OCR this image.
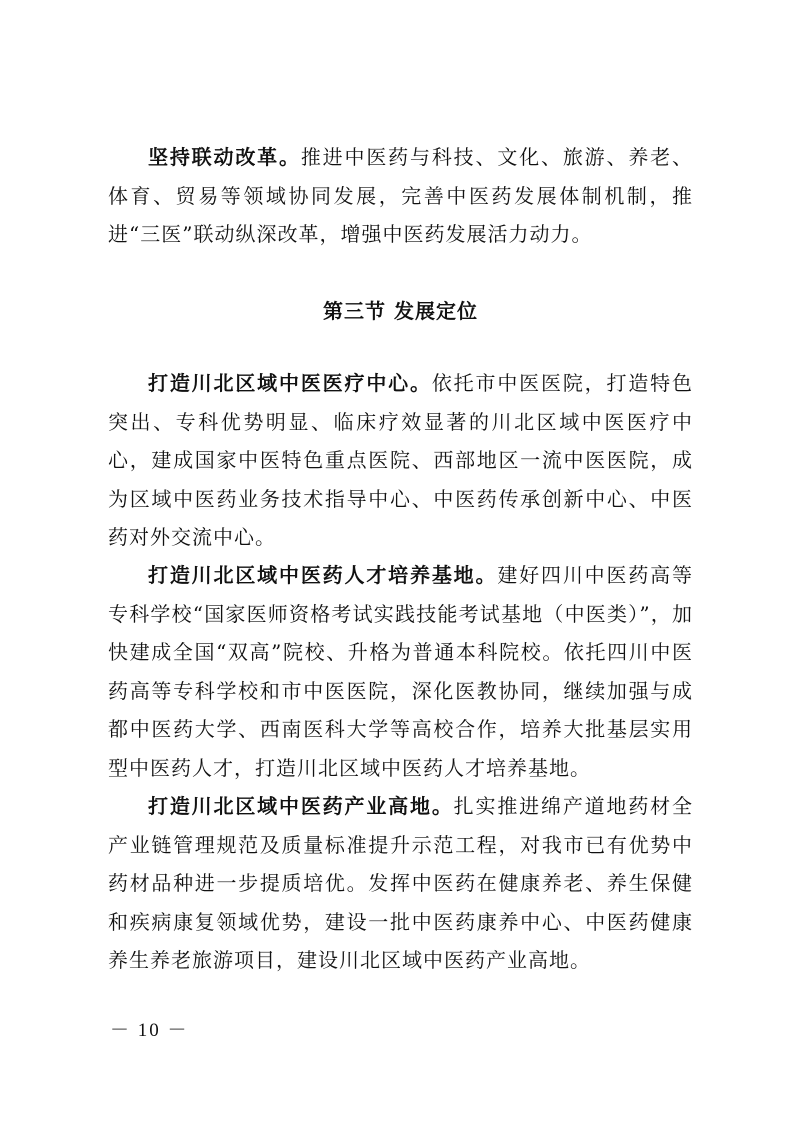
坚持联动改革。推进中医药与科技、文化、旅游、养老、体育、贸易等领域协同发展，完善中医药发展体制机制，推进“三医”联动纵深改革，增强中医药发展活力动力。

第三节 发展定位

打造川北区域中医医疗中心。依托市中医医院，打造特色突出、专科优势明显、临床疗效显著的川北区域中医医疗中心，建成国家中医特色重点医院、西部地区一流中医医院，成为区域中医药业务技术指导中心、中医药传承创新中心、中医药对外交流中心。

打造川北区域中医药人才培养基地。建好四川中医药高等专科学校“国家医师资格考试实践技能考试基地（中医类）”，加快建成全国“双高”院校、升格为普通本科院校。依托四川中医药高等专科学校和市中医医院，深化医教协同，继续加强与成都中医药大学、西南医科大学等高校合作，培养大批基层实用型中医药人才，打造川北区域中医药人才培养基地。

打造川北区域中医药产业高地。扎实推进绵产道地药材全产业链管理规范及质量标准提升示范工程，对我市已有优势中药材品种进一步提质培优。发挥中医药在健康养老、养生保健和疾病康复领域优势，建设一批中医药康养中心、中医药健康养生养老旅游项目，建设川北区域中医药产业高地。

－ 10 －
